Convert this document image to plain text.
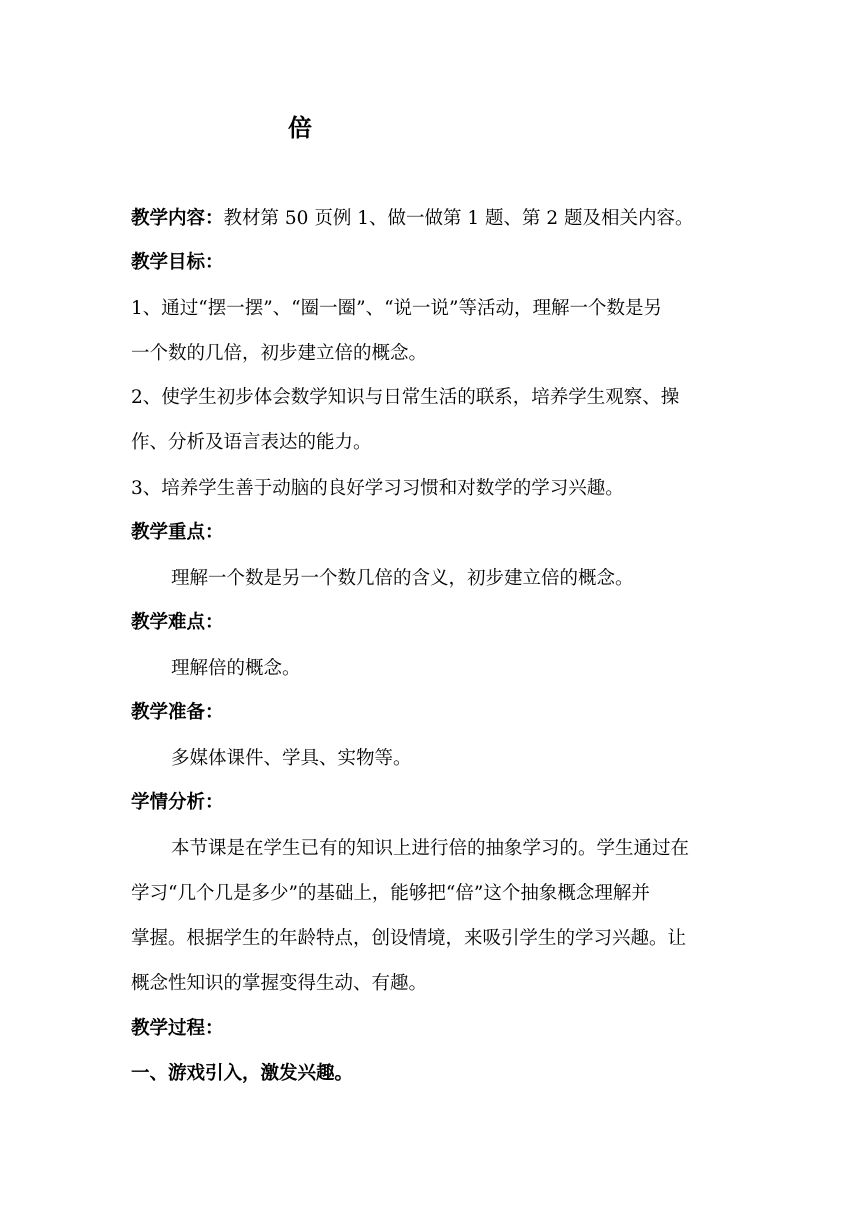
倍
教学内容：教材第 50 页例 1、做一做第 1 题、第 2 题及相关内容。
教学目标：
1、通过“摆一摆”、“圈一圈”、“说一说”等活动，理解一个数是另
一个数的几倍，初步建立倍的概念。
2、使学生初步体会数学知识与日常生活的联系，培养学生观察、操
作、分析及语言表达的能力。
3、培养学生善于动脑的良好学习习惯和对数学的学习兴趣。
教学重点：
理解一个数是另一个数几倍的含义，初步建立倍的概念。
教学难点：
理解倍的概念。
教学准备：
多媒体课件、学具、实物等。
学情分析：
本节课是在学生已有的知识上进行倍的抽象学习的。学生通过在
学习“几个几是多少”的基础上，能够把“倍”这个抽象概念理解并
掌握。根据学生的年龄特点，创设情境，来吸引学生的学习兴趣。让
概念性知识的掌握变得生动、有趣。
教学过程：
一、游戏引入，激发兴趣。
